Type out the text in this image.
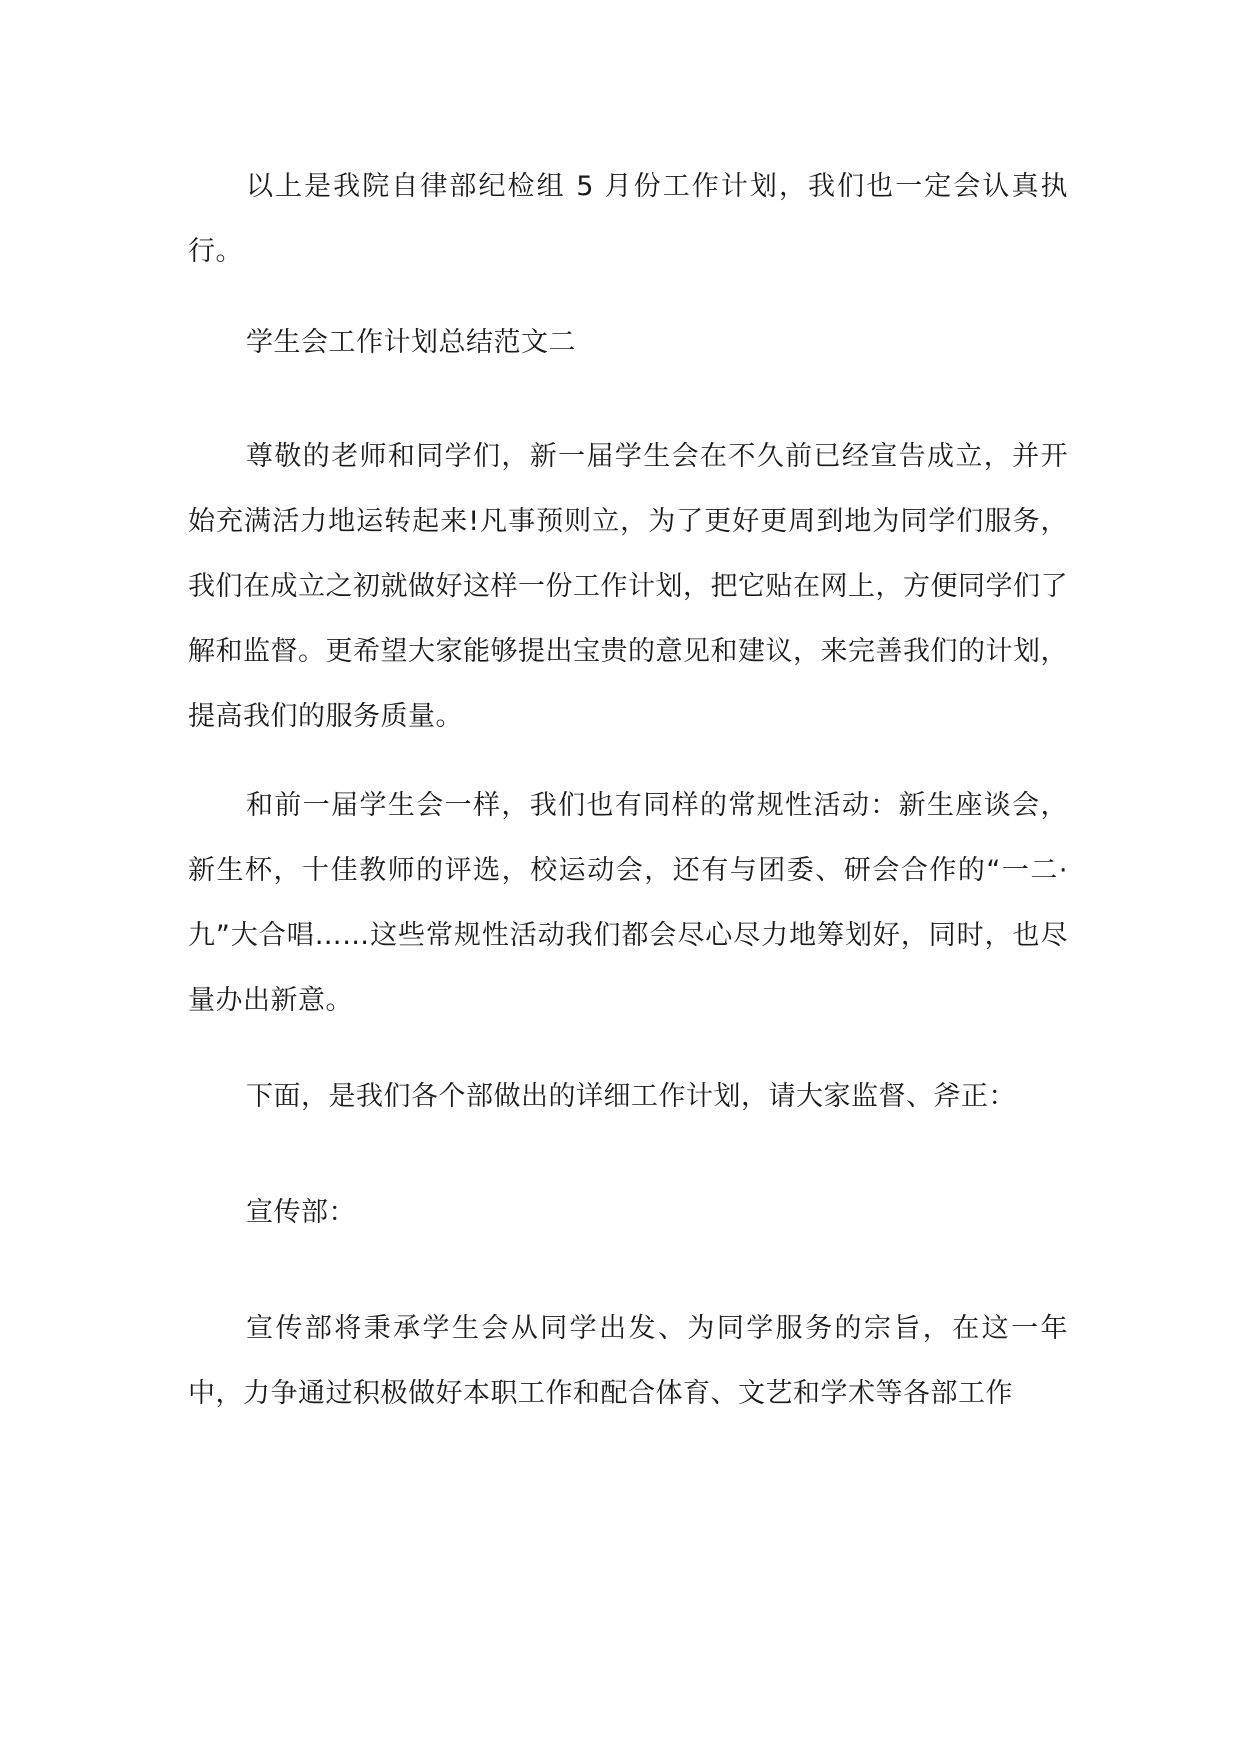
以上是我院自律部纪检组 5 月份工作计划，我们也一定会认真执行。

学生会工作计划总结范文二

尊敬的老师和同学们，新一届学生会在不久前已经宣告成立，并开始充满活力地运转起来!凡事预则立，为了更好更周到地为同学们服务，我们在成立之初就做好这样一份工作计划，把它贴在网上，方便同学们了解和监督。更希望大家能够提出宝贵的意见和建议，来完善我们的计划，提高我们的服务质量。

和前一届学生会一样，我们也有同样的常规性活动：新生座谈会，新生杯，十佳教师的评选，校运动会，还有与团委、研会合作的“一二·九”大合唱……这些常规性活动我们都会尽心尽力地筹划好，同时，也尽量办出新意。

下面，是我们各个部做出的详细工作计划，请大家监督、斧正：

宣传部：

宣传部将秉承学生会从同学出发、为同学服务的宗旨，在这一年中，力争通过积极做好本职工作和配合体育、文艺和学术等各部工作
